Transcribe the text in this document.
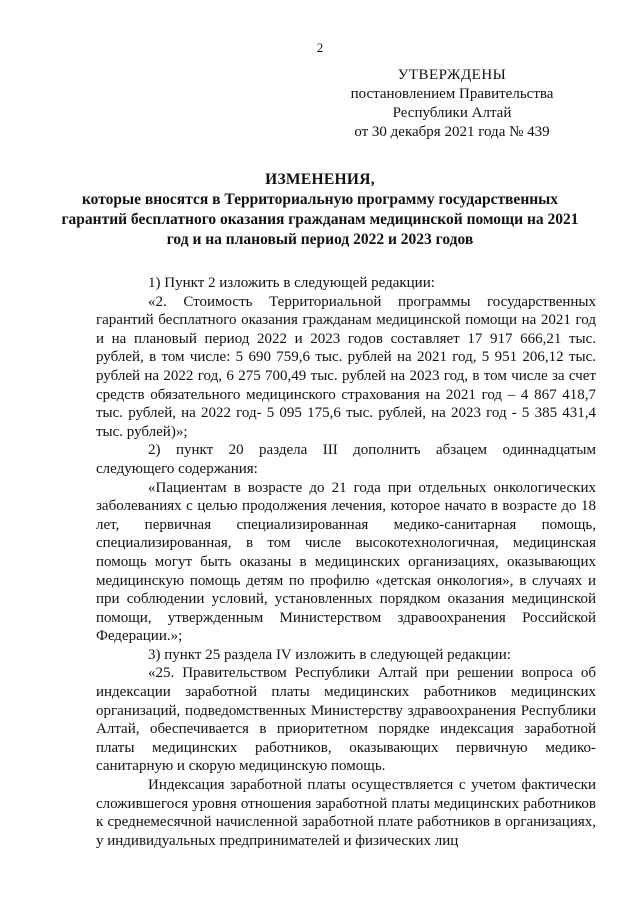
2
УТВЕРЖДЕНЫ
постановлением Правительства
Республики Алтай
от 30 декабря 2021 года № 439
ИЗМЕНЕНИЯ,
которые вносятся в Территориальную программу государственных гарантий бесплатного оказания гражданам медицинской помощи на 2021 год и на плановый период 2022 и 2023 годов

1) Пункт 2 изложить в следующей редакции:

«2. Стоимость Территориальной программы государственных гарантий бесплатного оказания гражданам медицинской помощи на 2021 год и на плановый период 2022 и 2023 годов составляет 17 917 666,21 тыс. рублей, в том числе: 5 690 759,6 тыс. рублей на 2021 год, 5 951 206,12 тыс. рублей на 2022 год, 6 275 700,49 тыс. рублей на 2023 год, в том числе за счет средств обязательного медицинского страхования на 2021 год – 4 867 418,7 тыс. рублей, на 2022 год- 5 095 175,6 тыс. рублей, на 2023 год - 5 385 431,4 тыс. рублей)»;

2) пункт 20 раздела III дополнить абзацем одиннадцатым следующего содержания:

«Пациентам в возрасте до 21 года при отдельных онкологических заболеваниях с целью продолжения лечения, которое начато в возрасте до 18 лет, первичная специализированная медико-санитарная помощь, специализированная, в том числе высокотехнологичная, медицинская помощь могут быть оказаны в медицинских организациях, оказывающих медицинскую помощь детям по профилю «детская онкология», в случаях и при соблюдении условий, установленных порядком оказания медицинской помощи, утвержденным Министерством здравоохранения Российской Федерации.»;

3) пункт 25 раздела IV изложить в следующей редакции:

«25. Правительством Республики Алтай при решении вопроса об индексации заработной платы медицинских работников медицинских организаций, подведомственных Министерству здравоохранения Республики Алтай, обеспечивается в приоритетном порядке индексация заработной платы медицинских работников, оказывающих первичную медико-санитарную и скорую медицинскую помощь.

Индексация заработной платы осуществляется с учетом фактически сложившегося уровня отношения заработной платы медицинских работников к среднемесячной начисленной заработной плате работников в организациях, у индивидуальных предпринимателей и физических лиц
